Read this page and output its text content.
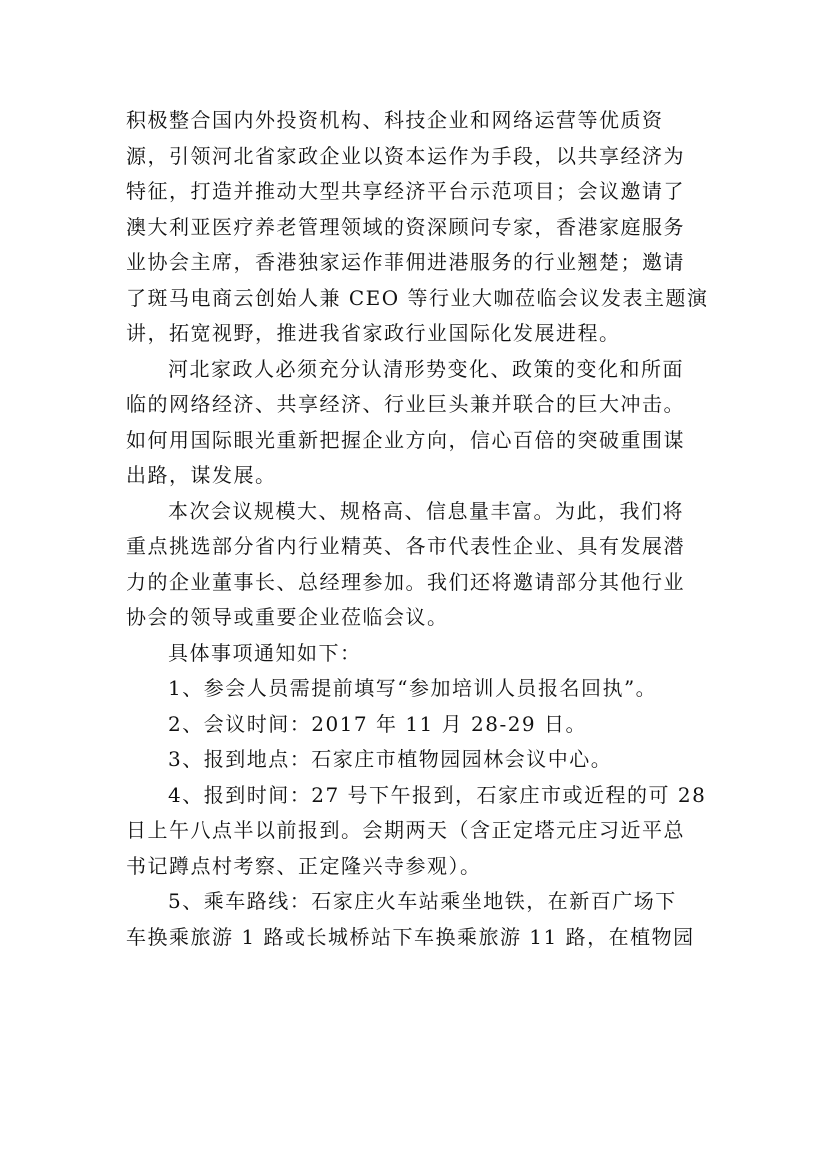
积极整合国内外投资机构、科技企业和网络运营等优质资
源，引领河北省家政企业以资本运作为手段，以共享经济为
特征，打造并推动大型共享经济平台示范项目；会议邀请了
澳大利亚医疗养老管理领域的资深顾问专家，香港家庭服务
业协会主席，香港独家运作菲佣进港服务的行业翘楚；邀请
了斑马电商云创始人兼 CEO 等行业大咖莅临会议发表主题演
讲，拓宽视野，推进我省家政行业国际化发展进程。
河北家政人必须充分认清形势变化、政策的变化和所面
临的网络经济、共享经济、行业巨头兼并联合的巨大冲击。
如何用国际眼光重新把握企业方向，信心百倍的突破重围谋
出路，谋发展。
本次会议规模大、规格高、信息量丰富。为此，我们将
重点挑选部分省内行业精英、各市代表性企业、具有发展潜
力的企业董事长、总经理参加。我们还将邀请部分其他行业
协会的领导或重要企业莅临会议。
具体事项通知如下：
1、参会人员需提前填写“参加培训人员报名回执”。
2、会议时间：2017 年 11 月 28-29 日。
3、报到地点：石家庄市植物园园林会议中心。
4、报到时间：27 号下午报到，石家庄市或近程的可 28
日上午八点半以前报到。会期两天（含正定塔元庄习近平总
书记蹲点村考察、正定隆兴寺参观）。
5、乘车路线：石家庄火车站乘坐地铁，在新百广场下
车换乘旅游 1 路或长城桥站下车换乘旅游 11 路，在植物园
